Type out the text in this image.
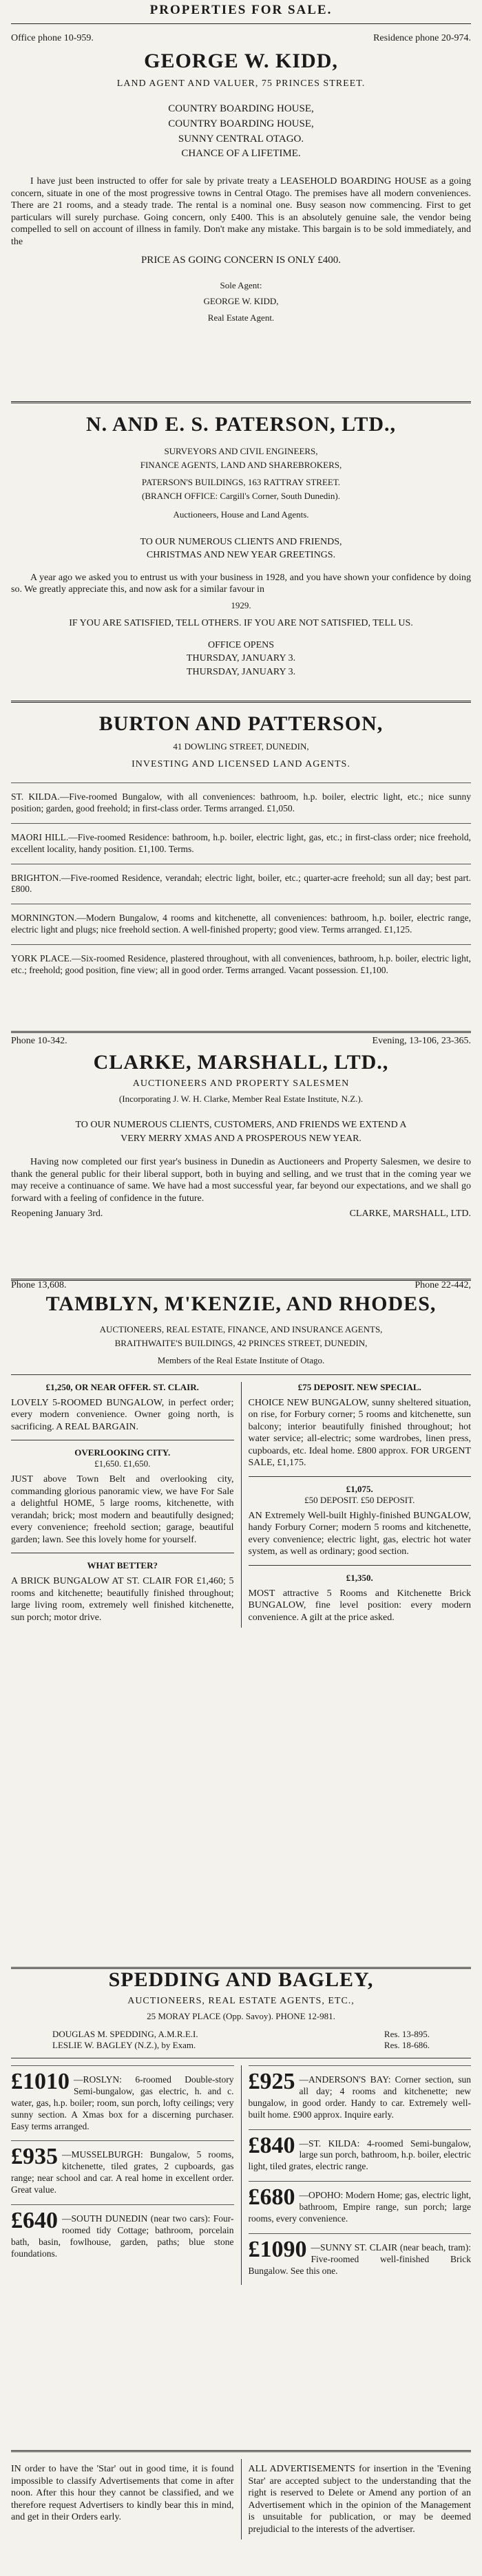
PROPERTIES FOR SALE.
Office phone 10-959.	Residence phone 20-974.
GEORGE W. KIDD,
LAND AGENT AND VALUER, 75 PRINCES STREET.
COUNTRY BOARDING HOUSE,
COUNTRY BOARDING HOUSE,
SUNNY CENTRAL OTAGO.
CHANCE OF A LIFETIME.

I have just been instructed to offer for sale by private treaty a LEASEHOLD BOARDING HOUSE as a going concern, situate in one of the most progressive towns in Central Otago. The premises have all modern conveniences. There are 21 rooms, and a steady trade. The rental is a nominal one. Busy season now commencing. First to get particulars will surely purchase. Going concern, only £400. This is an absolutely genuine sale, the vendor being compelled to sell on account of illness in family. Don't make any mistake. This bargain is to be sold immediately, and the

PRICE AS GOING CONCERN IS ONLY £400.
Sole Agent:
GEORGE W. KIDD,
Real Estate Agent.
N. AND E. S. PATERSON, LTD.,
SURVEYORS AND CIVIL ENGINEERS,
FINANCE AGENTS, LAND AND SHAREBROKERS,
PATERSON'S BUILDINGS, 163 RATTRAY STREET.
(BRANCH OFFICE: Cargill's Corner, South Dunedin).
Auctioneers, House and Land Agents.
TO OUR NUMEROUS CLIENTS AND FRIENDS,
CHRISTMAS AND NEW YEAR GREETINGS.

A year ago we asked you to entrust us with your business in 1928, and you have shown your confidence by doing so. We greatly appreciate this, and now ask for a similar favour in

1929.
IF YOU ARE SATISFIED, TELL OTHERS. IF YOU ARE NOT SATISFIED, TELL US.
OFFICE OPENS
THURSDAY, JANUARY 3.
THURSDAY, JANUARY 3.
BURTON AND PATTERSON,
41 DOWLING STREET, DUNEDIN,
INVESTING AND LICENSED LAND AGENTS.

ST. KILDA.—Five-roomed Bungalow, with all conveniences: bathroom, h.p. boiler, electric light, etc.; nice sunny position; garden, good freehold; in first-class order. Terms arranged. £1,050.

MAORI HILL.—Five-roomed Residence: bathroom, h.p. boiler, electric light, gas, etc.; in first-class order; nice freehold, excellent locality, handy position. £1,100. Terms.

BRIGHTON.—Five-roomed Residence, verandah; electric light, boiler, etc.; quarter-acre freehold; sun all day; best part. £800.

MORNINGTON.—Modern Bungalow, 4 rooms and kitchenette, all conveniences: bathroom, h.p. boiler, electric range, electric light and plugs; nice freehold section. A well-finished property; good view. Terms arranged. £1,125.

YORK PLACE.—Six-roomed Residence, plastered throughout, with all conveniences, bathroom, h.p. boiler, electric light, etc.; freehold; good position, fine view; all in good order. Terms arranged. Vacant possession. £1,100.

Phone 10-342.	Evening, 13-106, 23-365.
CLARKE, MARSHALL, LTD.,
AUCTIONEERS AND PROPERTY SALESMEN
(Incorporating J. W. H. Clarke, Member Real Estate Institute, N.Z.).
TO OUR NUMEROUS CLIENTS, CUSTOMERS, AND FRIENDS WE EXTEND A
VERY MERRY XMAS AND A PROSPEROUS NEW YEAR.

Having now completed our first year's business in Dunedin as Auctioneers and Property Salesmen, we desire to thank the general public for their liberal support, both in buying and selling, and we trust that in the coming year we may receive a continuance of same. We have had a most successful year, far beyond our expectations, and we shall go forward with a feeling of confidence in the future.

Reopening January 3rd.	CLARKE, MARSHALL, LTD.
Phone 13,608.	Phone 22-442,
TAMBLYN, M'KENZIE, AND RHODES,
AUCTIONEERS, REAL ESTATE, FINANCE, AND INSURANCE AGENTS,
BRAITHWAITE'S BUILDINGS, 42 PRINCES STREET, DUNEDIN,
Members of the Real Estate Institute of Otago.
£1,250, OR NEAR OFFER. ST. CLAIR.

LOVELY 5-ROOMED BUNGALOW, in perfect order; every modern convenience. Owner going north, is sacrificing. A REAL BARGAIN.

OVERLOOKING CITY.
£1,650. £1,650.

JUST above Town Belt and overlooking city, commanding glorious panoramic view, we have For Sale a delightful HOME, 5 large rooms, kitchenette, with verandah; brick; most modern and beautifully designed; every convenience; freehold section; garage, beautiful garden; lawn. See this lovely home for yourself.

WHAT BETTER?

A BRICK BUNGALOW AT ST. CLAIR FOR £1,460; 5 rooms and kitchenette; beautifully finished throughout; large living room, extremely well finished kitchenette, sun porch; motor drive.

£75 DEPOSIT. NEW SPECIAL.

CHOICE NEW BUNGALOW, sunny sheltered situation, on rise, for Forbury corner; 5 rooms and kitchenette, sun balcony; interior beautifully finished throughout; hot water service; all-electric; some wardrobes, linen press, cupboards, etc. Ideal home. £800 approx. FOR URGENT SALE, £1,175.

£1,075.
£50 DEPOSIT. £50 DEPOSIT.

AN Extremely Well-built Highly-finished BUNGALOW, handy Forbury Corner; modern 5 rooms and kitchenette, every convenience; electric light, gas, electric hot water system, as well as ordinary; good section.

£1,350.

MOST attractive 5 Rooms and Kitchenette Brick BUNGALOW, fine level position: every modern convenience. A gilt at the price asked.

SPEDDING AND BAGLEY,
AUCTIONEERS, REAL ESTATE AGENTS, ETC.,
25 MORAY PLACE (Opp. Savoy). PHONE 12-981.
DOUGLAS M. SPEDDING, A.M.R.E.I.	Res. 13-895.
LESLIE W. BAGLEY (N.Z.), by Exam.	Res. 18-686.
£1010 —ROSLYN: 6-roomed Double-story Semi-bungalow, gas electric, h. and c. water, gas, h.p. boiler; room, sun porch, lofty ceilings; very sunny section. A Xmas box for a discerning purchaser. Easy terms arranged.

£935 —MUSSELBURGH: Bungalow, 5 rooms, kitchenette, tiled grates, 2 cupboards, gas range; near school and car. A real home in excellent order. Great value.

£640 —SOUTH DUNEDIN (near two cars): Four-roomed tidy Cottage; bathroom, porcelain bath, basin, fowlhouse, garden, paths; blue stone foundations.

£925 —ANDERSON'S BAY: Corner section, sun all day; 4 rooms and kitchenette; new bungalow, in good order. Handy to car. Extremely well-built home. £900 approx. Inquire early.

£840 —ST. KILDA: 4-roomed Semi-bungalow, large sun porch, bathroom, h.p. boiler, electric light, tiled grates, electric range.

£680 —OPOHO: Modern Home; gas, electric light, bathroom, Empire range, sun porch; large rooms, every convenience.

£1090 —SUNNY ST. CLAIR (near beach, tram): Five-roomed well-finished Brick Bungalow. See this one.

IN order to have the 'Star' out in good time, it is found impossible to classify Advertisements that come in after noon. After this hour they cannot be classified, and we therefore request Advertisers to kindly bear this in mind, and get in their Orders early.

ALL ADVERTISEMENTS for insertion in the 'Evening Star' are accepted subject to the understanding that the right is reserved to Delete or Amend any portion of an Advertisement which in the opinion of the Management is unsuitable for publication, or may be deemed prejudicial to the interests of the advertiser.
